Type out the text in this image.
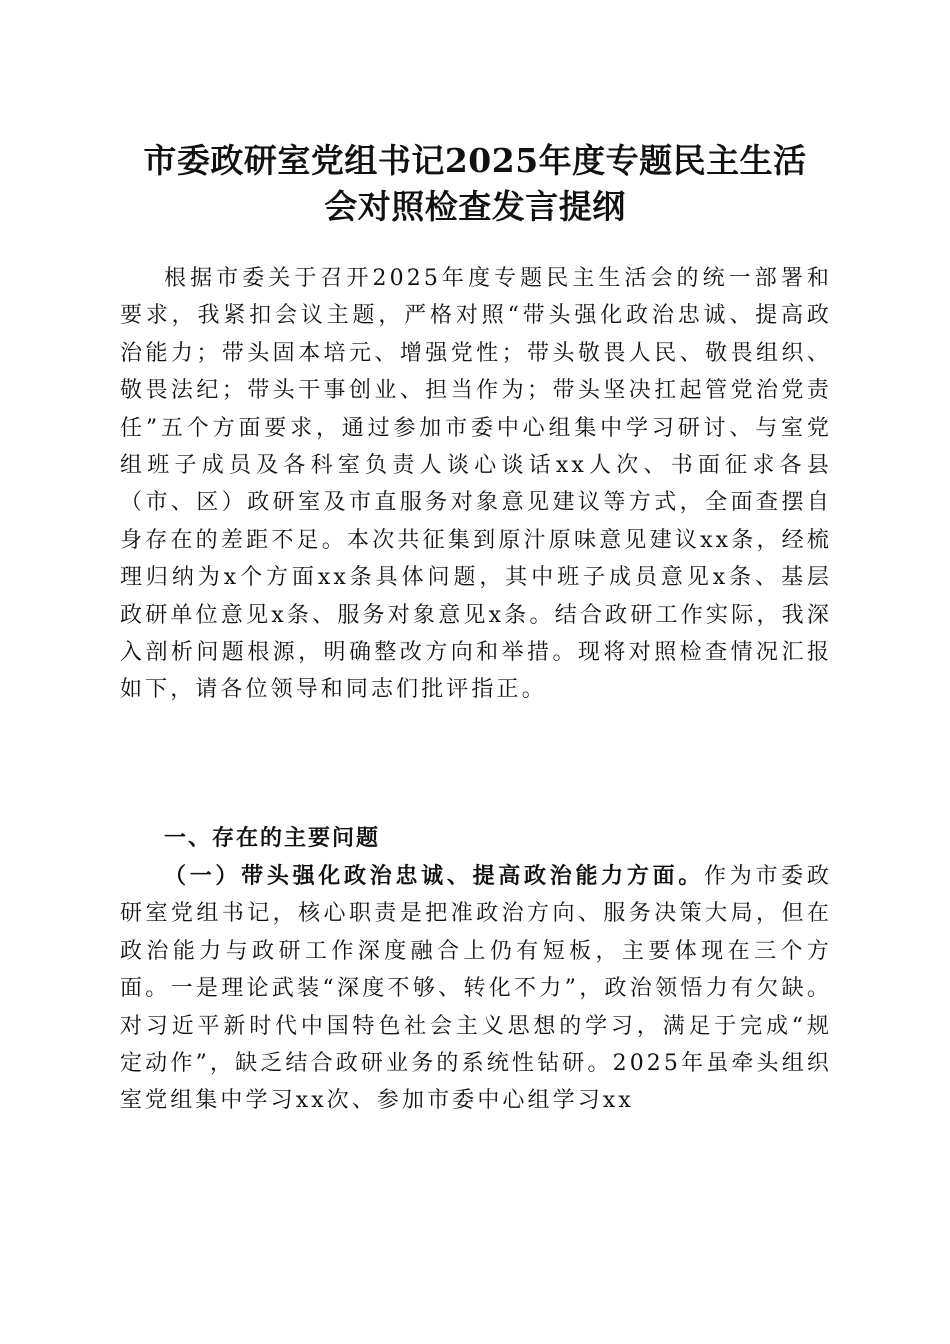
市委政研室党组书记2025年度专题民主生活
会对照检查发言提纲

根据市委关于召开2025年度专题民主生活会的统一部署和要求，我紧扣会议主题，严格对照“带头强化政治忠诚、提高政治能力；带头固本培元、增强党性；带头敬畏人民、敬畏组织、敬畏法纪；带头干事创业、担当作为；带头坚决扛起管党治党责任”五个方面要求，通过参加市委中心组集中学习研讨、与室党组班子成员及各科室负责人谈心谈话xx人次、书面征求各县（市、区）政研室及市直服务对象意见建议等方式，全面查摆自身存在的差距不足。本次共征集到原汁原味意见建议xx条，经梳理归纳为x个方面xx条具体问题，其中班子成员意见x条、基层政研单位意见x条、服务对象意见x条。结合政研工作实际，我深入剖析问题根源，明确整改方向和举措。现将对照检查情况汇报如下，请各位领导和同志们批评指正。

一、存在的主要问题

（一）带头强化政治忠诚、提高政治能力方面。作为市委政研室党组书记，核心职责是把准政治方向、服务决策大局，但在政治能力与政研工作深度融合上仍有短板，主要体现在三个方面。一是理论武装“深度不够、转化不力”，政治领悟力有欠缺。对习近平新时代中国特色社会主义思想的学习，满足于完成“规定动作”，缺乏结合政研业务的系统性钻研。2025年虽牵头组织室党组集中学习xx次、参加市委中心组学习xx
